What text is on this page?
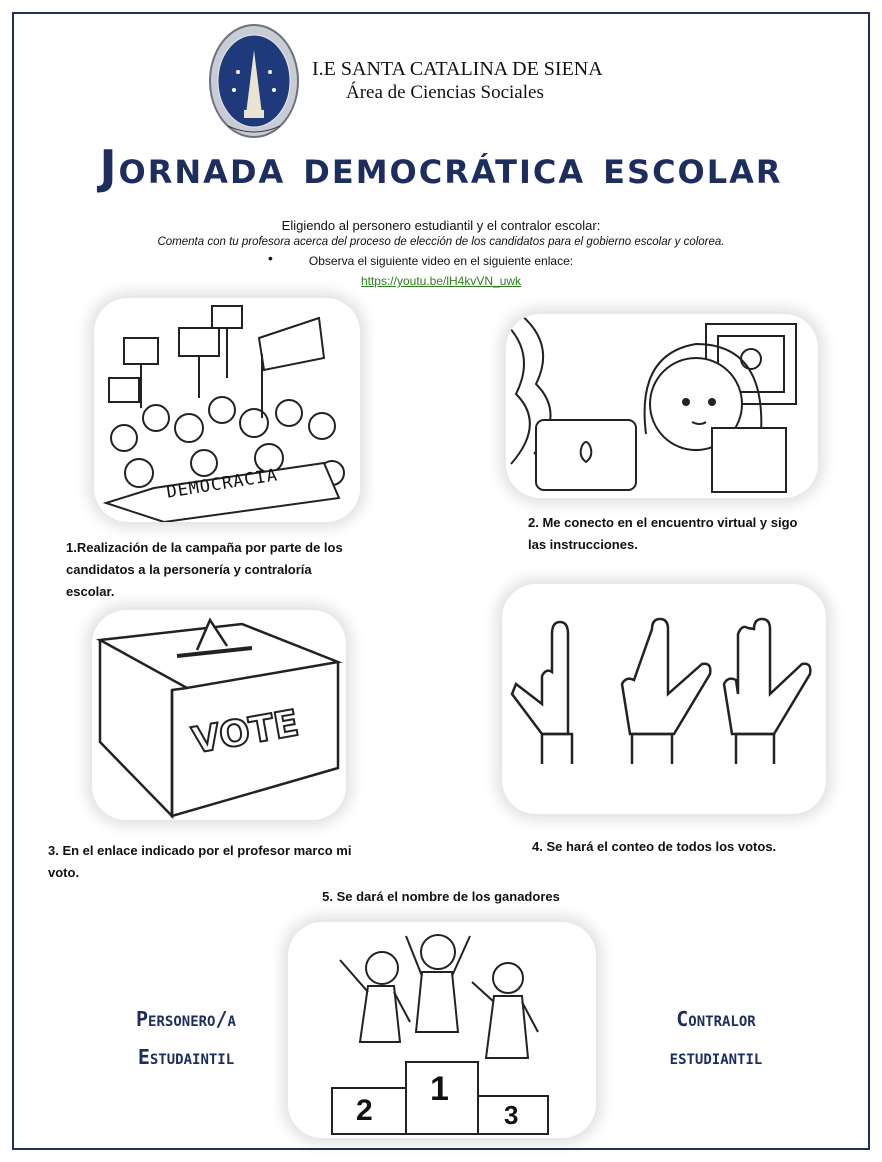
I.E SANTA CATALINA DE SIENA
Área de Ciencias Sociales
Jornada democrática escolar
Eligiendo al personero estudiantil y el contralor escolar:
Comenta con tu profesora acerca del proceso de elección de los candidatos para el gobierno escolar y colorea.
•	Observa el siguiente video en el siguiente enlace:
https://youtu.be/lH4kvVN_uwk
DEMOCRACIA
2. Me conecto en el encuentro virtual y sigo
las instrucciones.
1.Realización de la campaña por parte de los
candidatos a la personería y contraloría
escolar.
VOTE
3. En el enlace indicado por el profesor marco mi
voto.
4. Se hará el conteo de todos los votos.
5. Se dará el nombre de los ganadores
2
1
3
Personero/a
Estudaintil
Contralor
estudiantil
